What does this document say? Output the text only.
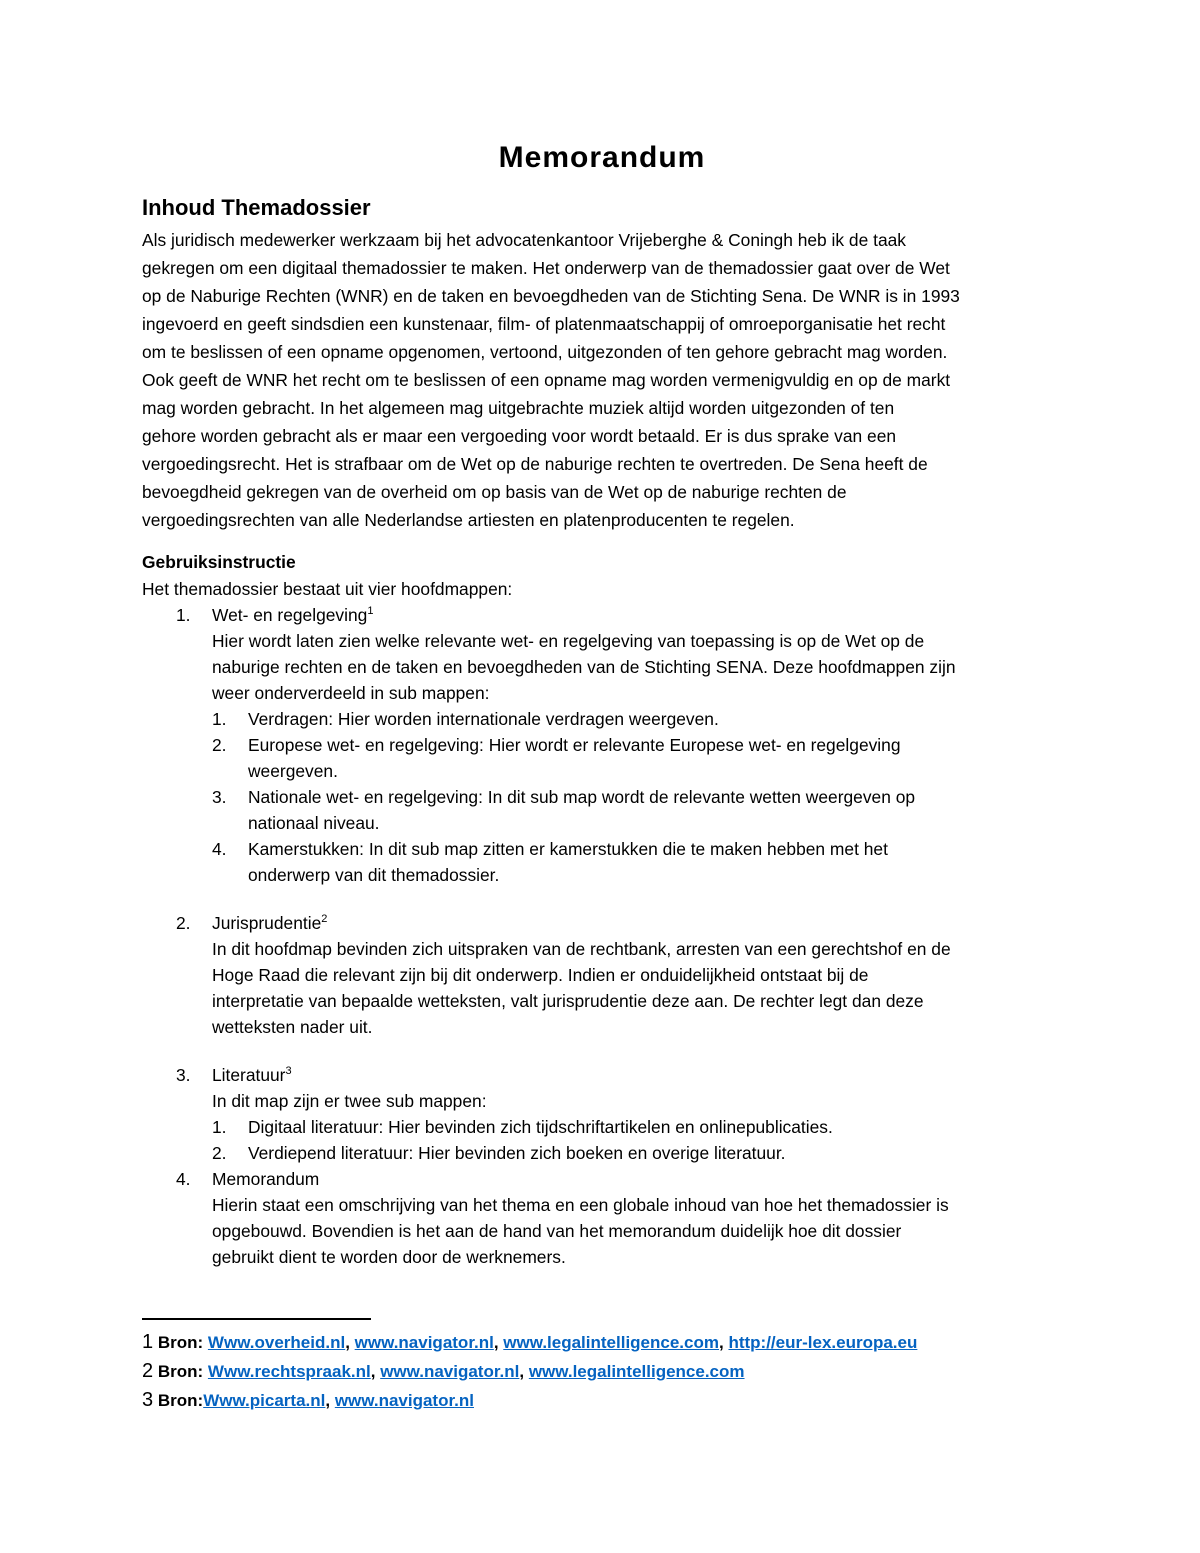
Memorandum
Inhoud Themadossier

Als juridisch medewerker werkzaam bij het advocatenkantoor Vrijeberghe & Coningh heb ik de taak

gekregen om een digitaal themadossier te maken. Het onderwerp van de themadossier gaat over de Wet

op de Naburige Rechten (WNR) en de taken en bevoegdheden van de Stichting Sena. De WNR is in 1993

ingevoerd en geeft sindsdien een kunstenaar, film- of platenmaatschappij of omroeporganisatie het recht

om te beslissen of een opname opgenomen, vertoond, uitgezonden of ten gehore gebracht mag worden.

Ook geeft de WNR het recht om te beslissen of een opname mag worden vermenigvuldig en op de markt

mag worden gebracht. In het algemeen mag uitgebrachte muziek altijd worden uitgezonden of ten

gehore worden gebracht als er maar een vergoeding voor wordt betaald. Er is dus sprake van een

vergoedingsrecht. Het is strafbaar om de Wet op de naburige rechten te overtreden. De Sena heeft de

bevoegdheid gekregen van de overheid om op basis van de Wet op de naburige rechten de

vergoedingsrechten van alle Nederlandse artiesten en platenproducenten te regelen.

Gebruiksinstructie

Het themadossier bestaat uit vier hoofdmappen:

1. Wet- en regelgeving$^1$

Hier wordt laten zien welke relevante wet- en regelgeving van toepassing is op de Wet op de

naburige rechten en de taken en bevoegdheden van de Stichting SENA. Deze hoofdmappen zijn

weer onderverdeeld in sub mappen:

1. Verdragen: Hier worden internationale verdragen weergeven.

2. Europese wet- en regelgeving: Hier wordt er relevante Europese wet- en regelgeving

weergeven.

3. Nationale wet- en regelgeving: In dit sub map wordt de relevante wetten weergeven op

nationaal niveau.

4. Kamerstukken: In dit sub map zitten er kamerstukken die te maken hebben met het

onderwerp van dit themadossier.

2. Jurisprudentie$^2$

In dit hoofdmap bevinden zich uitspraken van de rechtbank, arresten van een gerechtshof en de

Hoge Raad die relevant zijn bij dit onderwerp. Indien er onduidelijkheid ontstaat bij de

interpretatie van bepaalde wetteksten, valt jurisprudentie deze aan. De rechter legt dan deze

wetteksten nader uit.

3. Literatuur$^3$

In dit map zijn er twee sub mappen:

1. Digitaal literatuur: Hier bevinden zich tijdschriftartikelen en onlinepublicaties.

2. Verdiepend literatuur: Hier bevinden zich boeken en overige literatuur.

4. Memorandum

Hierin staat een omschrijving van het thema en een globale inhoud van hoe het themadossier is

opgebouwd. Bovendien is het aan de hand van het memorandum duidelijk hoe dit dossier

gebruikt dient te worden door de werknemers.

1 Bron: Www.overheid.nl, www.navigator.nl, www.legalintelligence.com, http://eur-lex.europa.eu

2 Bron: Www.rechtspraak.nl, www.navigator.nl, www.legalintelligence.com

3 Bron:Www.picarta.nl, www.navigator.nl
